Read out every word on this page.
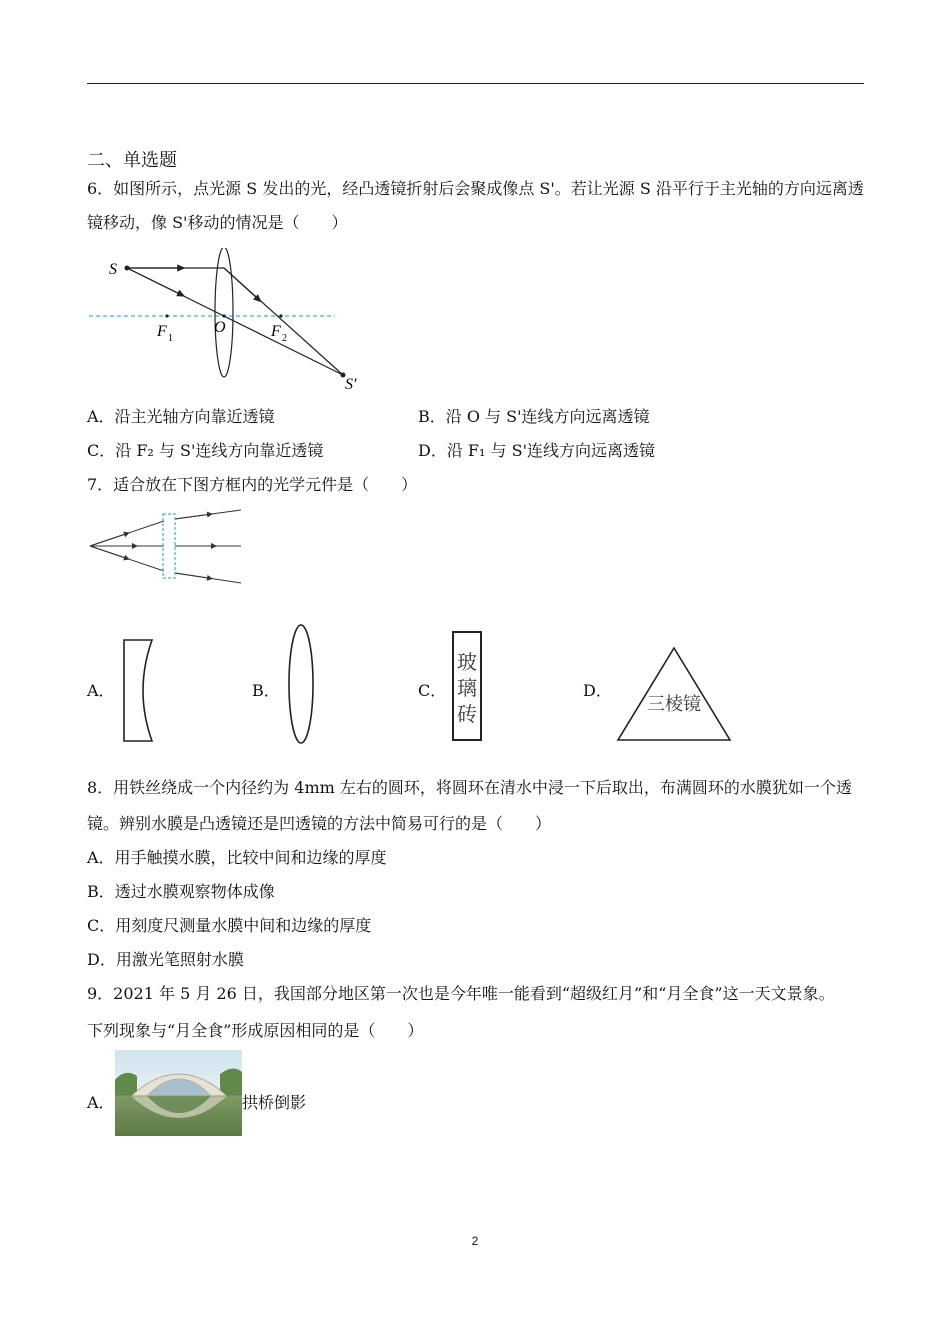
二、单选题
6．如图所示，点光源 S 发出的光，经凸透镜折射后会聚成像点 S'。若让光源 S 沿平行于主光轴的方向远离透
镜移动，像 S'移动的情况是（　　）
S
O
F 1	F 2
S′
A．沿主光轴方向靠近透镜	B．沿 O 与 S'连线方向远离透镜
C．沿 F₂ 与 S'连线方向靠近透镜	D．沿 F₁ 与 S'连线方向远离透镜
7．适合放在下图方框内的光学元件是（　　）
A．	B．	C．
玻
璃
砖
D．
三棱镜
8．用铁丝绕成一个内径约为 4mm 左右的圆环，将圆环在清水中浸一下后取出，布满圆环的水膜犹如一个透
镜。辨别水膜是凸透镜还是凹透镜的方法中简易可行的是（　　）
A．用手触摸水膜，比较中间和边缘的厚度
B．透过水膜观察物体成像
C．用刻度尺测量水膜中间和边缘的厚度
D．用激光笔照射水膜
9．2021 年 5 月 26 日，我国部分地区第一次也是今年唯一能看到“超级红月”和“月全食”这一天文景象。
下列现象与“月全食”形成原因相同的是（　　）
A．	拱桥倒影
2
